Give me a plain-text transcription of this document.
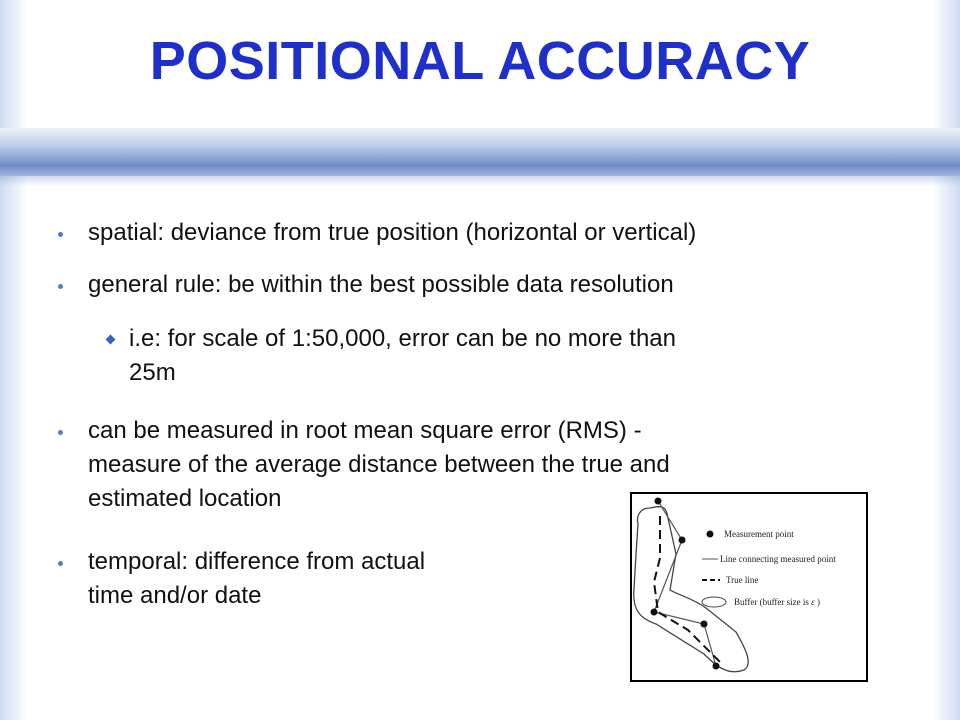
POSITIONAL ACCURACY
spatial: deviance from true position (horizontal or vertical)
general rule: be within the best possible data resolution
i.e: for scale of 1:50,000, error can be no more than
25m
can be measured in root mean square error (RMS) -
measure of the average distance between the true and
estimated location
temporal: difference from actual
time and/or date
Measurement point
Line connecting measured point
True line
Buffer (buffer size is ε )
